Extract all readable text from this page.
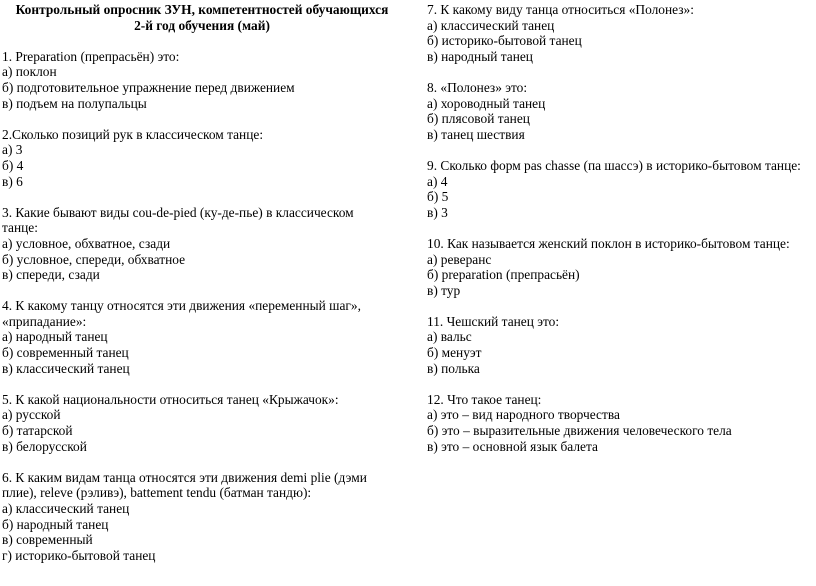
Контрольный опросник ЗУН, компетентностей обучающихся
2-й год обучения (май)
1. Preparation (препрасьён) это:
а) поклон
б) подготовительное упражнение перед движением
в) подъем на полупальцы
2.Сколько позиций рук в классическом танце:
а) 3
б) 4
в) 6
3. Какие бывают виды cou-de-pied (ку-де-пье) в классическом танце:
а) условное, обхватное, сзади
б) условное, спереди, обхватное
в) спереди, сзади
4. К какому танцу относятся эти движения «переменный шаг», «припадание»:
а) народный танец
б) современный танец
в) классический танец
5. К какой национальности относиться танец «Крыжачок»:
а) русской
б) татарской
в) белорусской
6. К каким видам танца относятся эти движения demi plie (дэми плие), releve (рэливэ), battement tendu (батман тандю):
а) классический танец
б) народный танец
в) современный
г) историко-бытовой танец
7. К какому виду танца относиться «Полонез»:
а) классический танец
б) историко-бытовой танец
в) народный танец
8. «Полонез» это:
а) хороводный танец
б) плясовой танец
в) танец шествия
9. Сколько форм pas chasse (па шассэ) в историко-бытовом танце:
а) 4
б) 5
в) 3
10. Как называется женский поклон в историко-бытовом танце:
а) реверанс
б) preparation (препрасьён)
в) тур
11. Чешский танец это:
а) вальс
б) менуэт
в) полька
12. Что такое танец:
а) это – вид народного творчества
б) это – выразительные движения человеческого тела
в) это – основной язык балета
